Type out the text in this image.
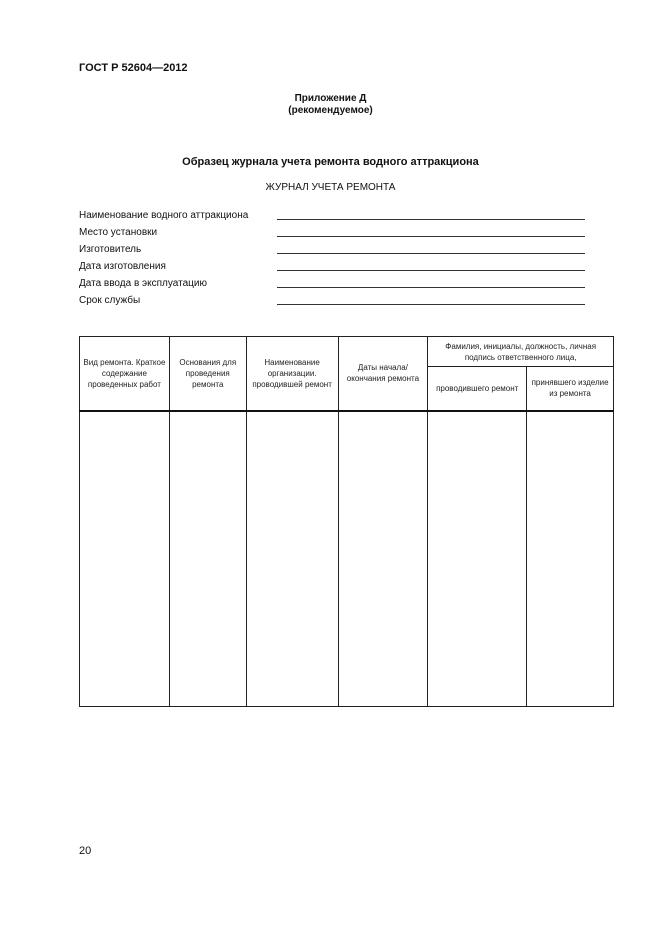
ГОСТ Р 52604—2012
Приложение Д
(рекомендуемое)
Образец журнала учета ремонта водного аттракциона
ЖУРНАЛ УЧЕТА РЕМОНТА
Наименование водного аттракциона
Место установки
Изготовитель
Дата изготовления
Дата ввода в эксплуатацию
Срок службы
Вид ремонта. Краткое содержание проведенных работ	Основания для проведения ремонта	Наименование организации. проводившей ремонт	Даты начала/окончания ремонта	Фамилия, инициалы, должность, личная подпись ответственного лица,	
				проводившего ремонт	принявшего изделие из ремонта

20
